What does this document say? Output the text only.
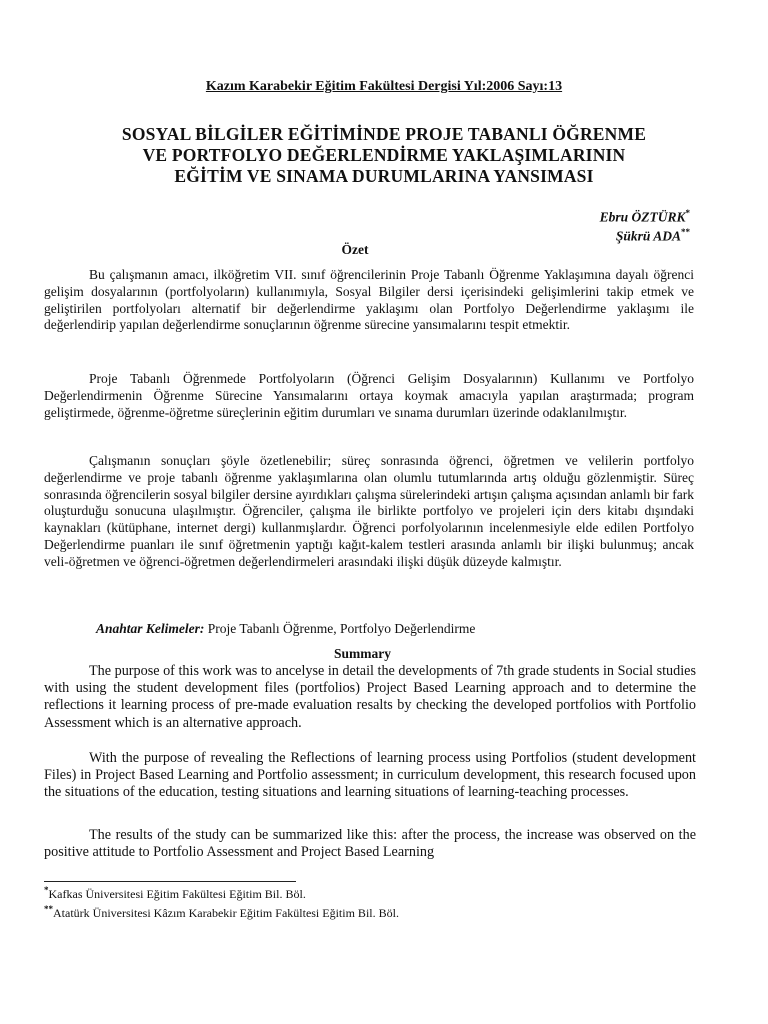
Kazım Karabekir Eğitim Fakültesi Dergisi Yıl:2006 Sayı:13
SOSYAL BİLGİLER EĞİTİMİNDE PROJE TABANLI ÖĞRENME
VE PORTFOLYO DEĞERLENDİRME YAKLAŞIMLARININ
EĞİTİM VE SINAMA DURUMLARINA YANSIMASI
Ebru ÖZTÜRK*
Şükrü ADA**
Özet

Bu çalışmanın amacı, ilköğretim VII. sınıf öğrencilerinin Proje Tabanlı Öğrenme Yaklaşımına dayalı öğrenci gelişim dosyalarının (portfolyoların) kullanımıyla, Sosyal Bilgiler dersi içerisindeki gelişimlerini takip etmek ve geliştirilen portfolyoları alternatif bir değerlendirme yaklaşımı olan Portfolyo Değerlendirme yaklaşımı ile değerlendirip yapılan değerlendirme sonuçlarının öğrenme sürecine yansımalarını tespit etmektir.

Proje Tabanlı Öğrenmede Portfolyoların (Öğrenci Gelişim Dosyalarının) Kullanımı ve Portfolyo Değerlendirmenin Öğrenme Sürecine Yansımalarını ortaya koymak amacıyla yapılan araştırmada; program geliştirmede, öğrenme-öğretme süreçlerinin eğitim durumları ve sınama durumları üzerinde odaklanılmıştır.

Çalışmanın sonuçları şöyle özetlenebilir; süreç sonrasında öğrenci, öğretmen ve velilerin portfolyo değerlendirme ve proje tabanlı öğrenme yaklaşımlarına olan olumlu tutumlarında artış olduğu gözlenmiştir. Süreç sonrasında öğrencilerin sosyal bilgiler dersine ayırdıkları çalışma sürelerindeki artışın çalışma açısından anlamlı bir fark oluşturduğu sonucuna ulaşılmıştır. Öğrenciler, çalışma ile birlikte portfolyo ve projeleri için ders kitabı dışındaki kaynakları (kütüphane, internet dergi) kullanmışlardır. Öğrenci porfolyolarının incelenmesiyle elde edilen Portfolyo Değerlendirme puanları ile sınıf öğretmenin yaptığı kağıt-kalem testleri arasında anlamlı bir ilişki bulunmuş; ancak veli-öğretmen ve öğrenci-öğretmen değerlendirmeleri arasındaki ilişki düşük düzeyde kalmıştır.

Anahtar Kelimeler: Proje Tabanlı Öğrenme, Portfolyo Değerlendirme
Summary

The purpose of this work was to ancelyse in detail the developments of 7th grade students in Social studies with using the student development files (portfolios) Project Based Learning approach and to determine the reflections it learning process of pre-made evaluation resalts by checking the developed portfolios with Portfolio Assessment which is an alternative approach.

With the purpose of revealing the Reflections of learning process using Portfolios (student development Files) in Project Based Learning and Portfolio assessment; in curriculum development, this research focused upon the situations of the education, testing situations and learning situations of learning-teaching processes.

The results of the study can be summarized like this: after the process, the increase was observed on the positive attitude to Portfolio Assessment and Project Based Learning

*Kafkas Üniversitesi Eğitim Fakültesi Eğitim Bil. Böl.
**Atatürk Üniversitesi Kâzım Karabekir Eğitim Fakültesi Eğitim Bil. Böl.
